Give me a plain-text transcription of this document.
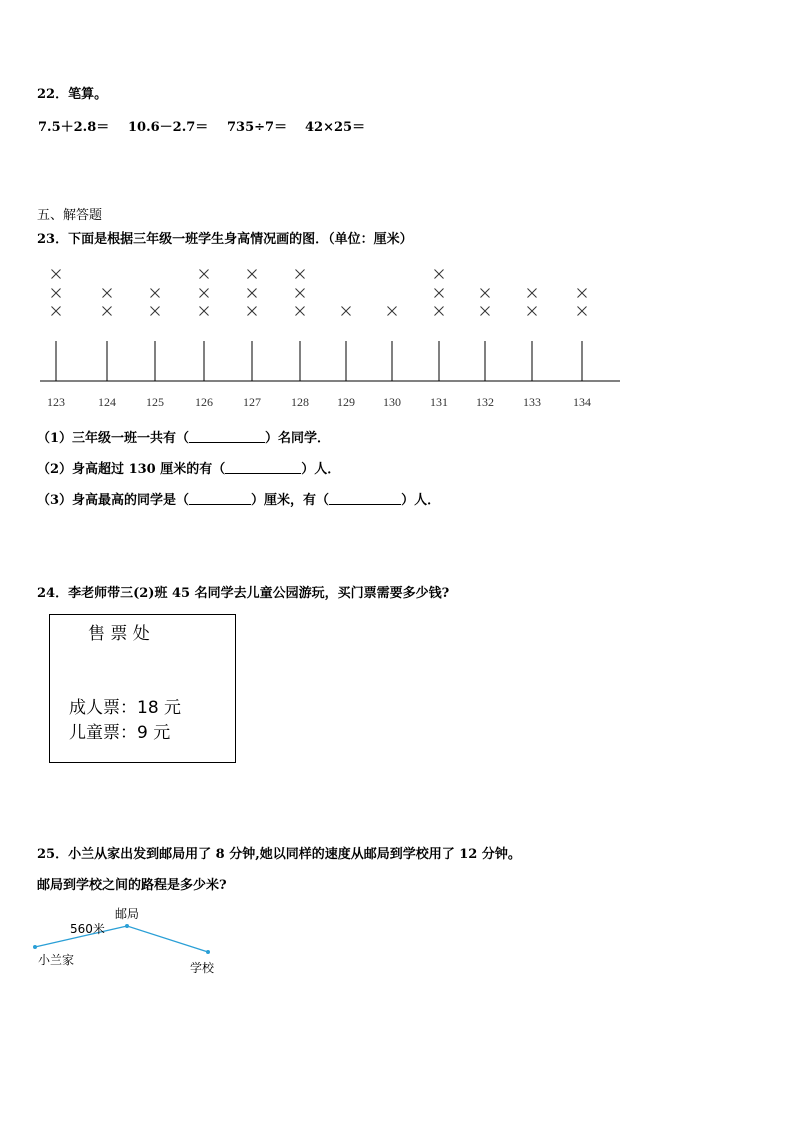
22．笔算。
7.5＋2.8＝ 10.6－2.7＝ 735÷7＝ 42×25＝
五、解答题
23．下面是根据三年级一班学生身高情况画的图．（单位：厘米）
123	124	125	126	127	128 129 130 131 132 133	134
（1）三年级一班一共有（	）名同学．
（2）身高超过 130 厘米的有（	）人．
（3）身高最高的同学是（	）厘米，有（	）人．
24．李老师带三(2)班 45 名同学去儿童公园游玩，买门票需要多少钱?
售 票 处
成人票：18 元
儿童票：9 元
25．小兰从家出发到邮局用了 8 分钟,她以同样的速度从邮局到学校用了 12 分钟。
邮局到学校之间的路程是多少米?
邮局
560米
小兰家
学校
